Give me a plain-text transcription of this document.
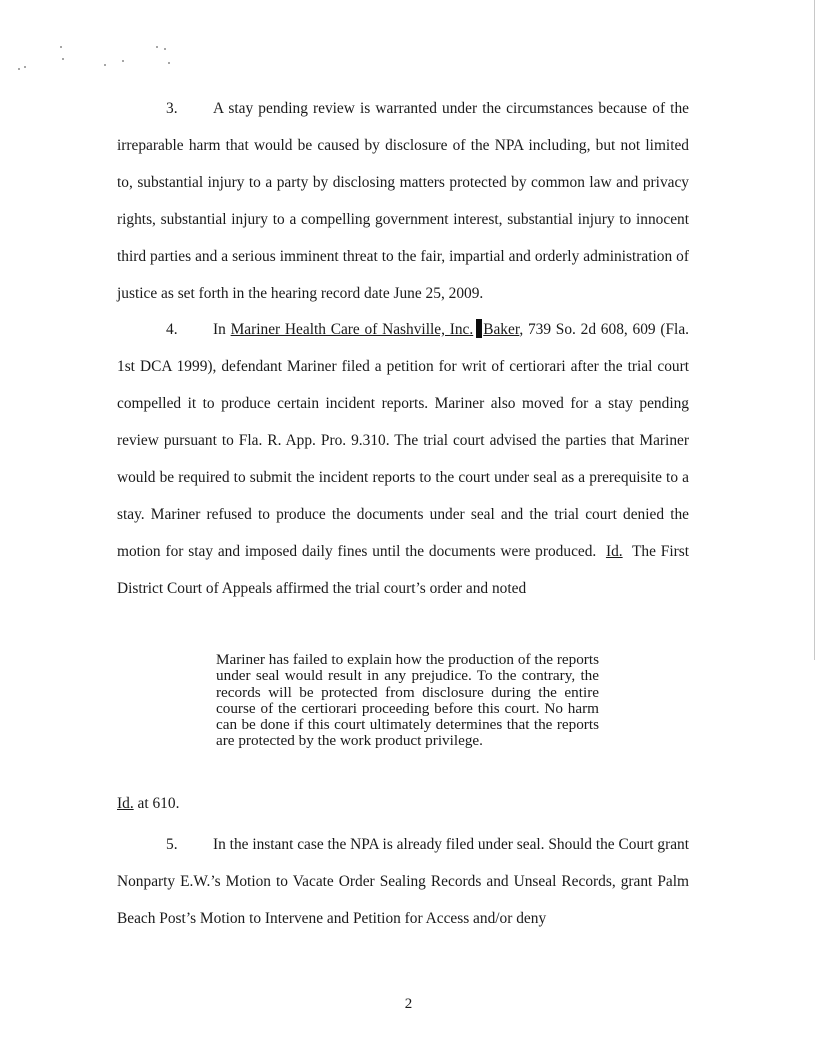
3. A stay pending review is warranted under the circumstances because of the irreparable harm that would be caused by disclosure of the NPA including, but not limited to, substantial injury to a party by disclosing matters protected by common law and privacy rights, substantial injury to a compelling government interest, substantial injury to innocent third parties and a serious imminent threat to the fair, impartial and orderly administration of justice as set forth in the hearing record date June 25, 2009.

4. In Mariner Health Care of Nashville, Inc. Baker, 739 So. 2d 608, 609 (Fla. 1st DCA 1999), defendant Mariner filed a petition for writ of certiorari after the trial court compelled it to produce certain incident reports. Mariner also moved for a stay pending review pursuant to Fla. R. App. Pro. 9.310. The trial court advised the parties that Mariner would be required to submit the incident reports to the court under seal as a prerequisite to a stay. Mariner refused to produce the documents under seal and the trial court denied the motion for stay and imposed daily fines until the documents were produced. Id. The First District Court of Appeals affirmed the trial court’s order and noted

Mariner has failed to explain how the production of the reports under seal would result in any prejudice. To the contrary, the records will be protected from disclosure during the entire course of the certiorari proceeding before this court. No harm can be done if this court ultimately determines that the reports are protected by the work product privilege.

Id. at 610.

5. In the instant case the NPA is already filed under seal. Should the Court grant Nonparty E.W.’s Motion to Vacate Order Sealing Records and Unseal Records, grant Palm Beach Post’s Motion to Intervene and Petition for Access and/or deny

2
